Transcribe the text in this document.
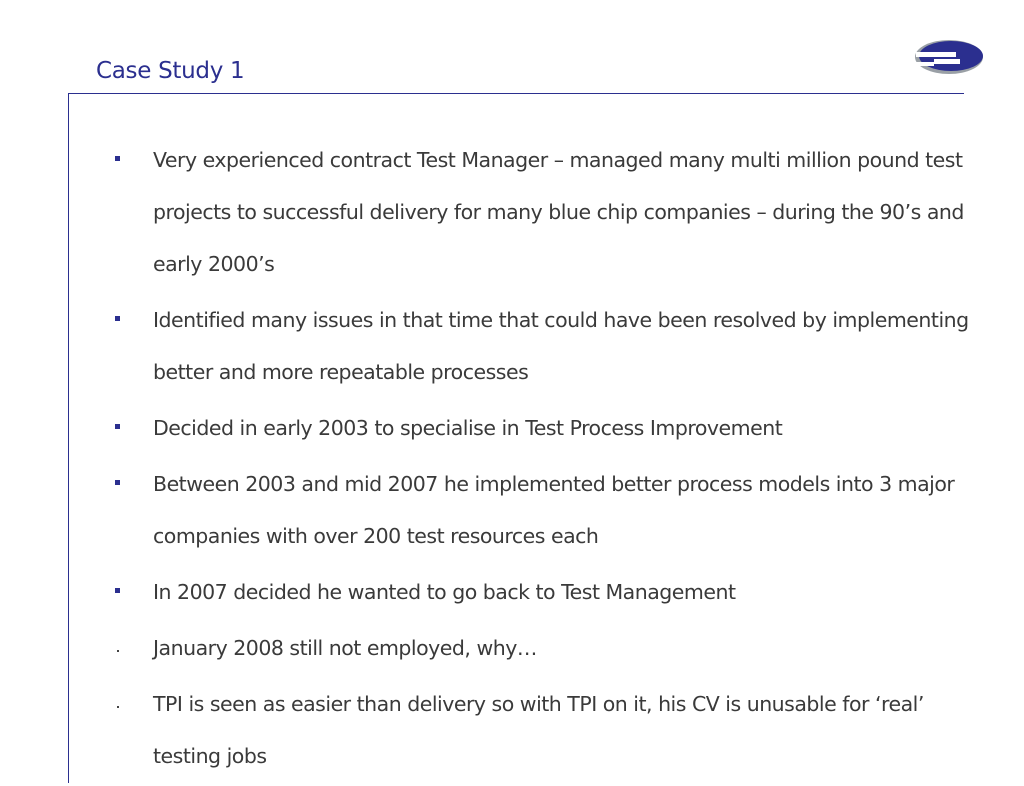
Case Study 1
Very experienced contract Test Manager – managed many multi million pound test projects to successful delivery for many blue chip companies – during the 90’s and early 2000’s
Identified many issues in that time that could have been resolved by implementing better and more repeatable processes
Decided in early 2003 to specialise in Test Process Improvement
Between 2003 and mid 2007 he implemented better process models into 3 major companies with over 200 test resources each
In 2007 decided he wanted to go back to Test Management
January 2008 still not employed, why…
TPI is seen as easier than delivery so with TPI on it, his CV is unusable for ‘real’ testing jobs
